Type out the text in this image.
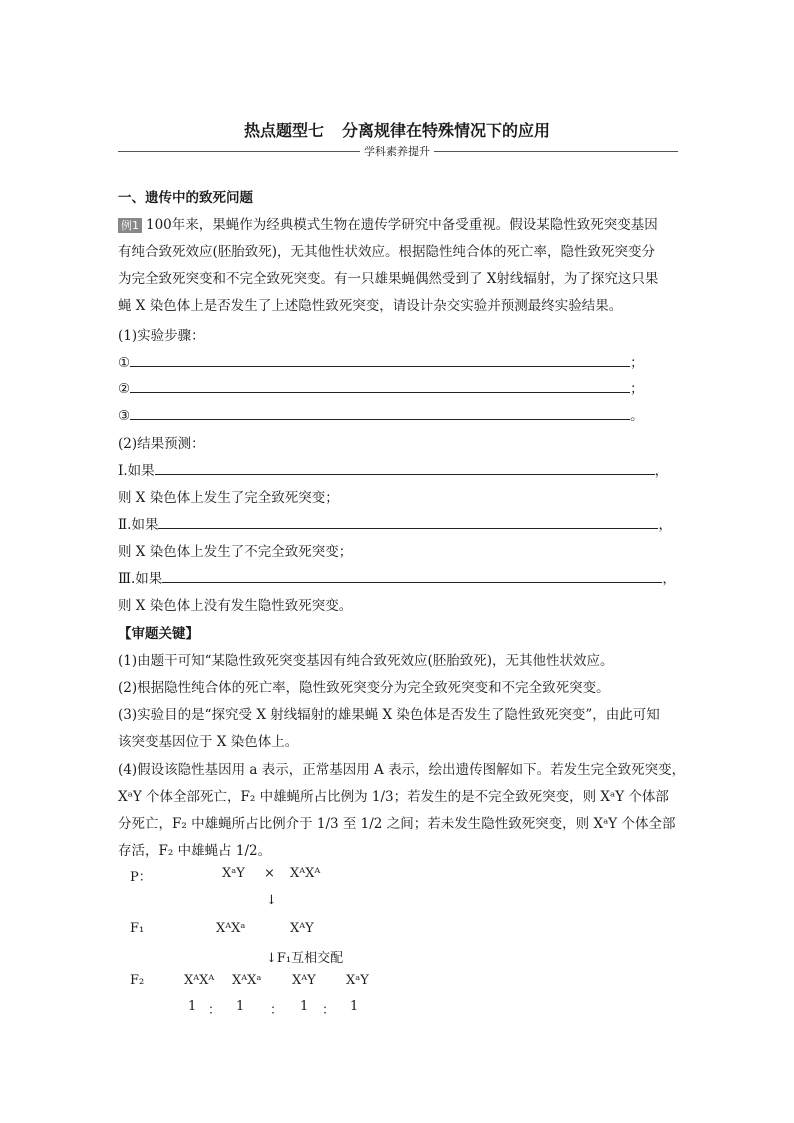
热点题型七 分离规律在特殊情况下的应用
学科素养提升
一、遗传中的致死问题
例1 100年来，果蝇作为经典模式生物在遗传学研究中备受重视。假设某隐性致死突变基因
有纯合致死效应(胚胎致死)，无其他性状效应。根据隐性纯合体的死亡率，隐性致死突变分
为完全致死突变和不完全致死突变。有一只雄果蝇偶然受到了 X射线辐射，为了探究这只果
蝇 X 染色体上是否发生了上述隐性致死突变，请设计杂交实验并预测最终实验结果。
(1)实验步骤：
①	；
②	；
③	。
(2)结果预测：
Ⅰ.如果	，
则 X 染色体上发生了完全致死突变；
Ⅱ.如果	，
则 X 染色体上发生了不完全致死突变；
Ⅲ.如果	，
则 X 染色体上没有发生隐性致死突变。
【审题关键】
(1)由题干可知“某隐性致死突变基因有纯合致死效应(胚胎致死)，无其他性状效应。
(2)根据隐性纯合体的死亡率，隐性致死突变分为完全致死突变和不完全致死突变。
(3)实验目的是“探究受 X 射线辐射的雄果蝇 X 染色体是否发生了隐性致死突变”，由此可知
该突变基因位于 X 染色体上。
(4)假设该隐性基因用 a 表示，正常基因用 A 表示，绘出遗传图解如下。若发生完全致死突变，
XᵃY 个体全部死亡，F₂ 中雄蝇所占比例为 1/3；若发生的是不完全致死突变，则 XᵃY 个体部
分死亡，F₂ 中雄蝇所占比例介于 1/3 至 1/2 之间；若未发生隐性致死突变，则 XᵃY 个体全部
存活，F₂ 中雄蝇占 1/2。
P：	XᵃY × XᴬXᴬ
↓
F₁	XᴬXᵃ	XᴬY
↓F₁互相交配
F₂	XᴬXᴬ XᴬXᵃ XᴬY XᵃY
1 ： 1 ： 1 ： 1
